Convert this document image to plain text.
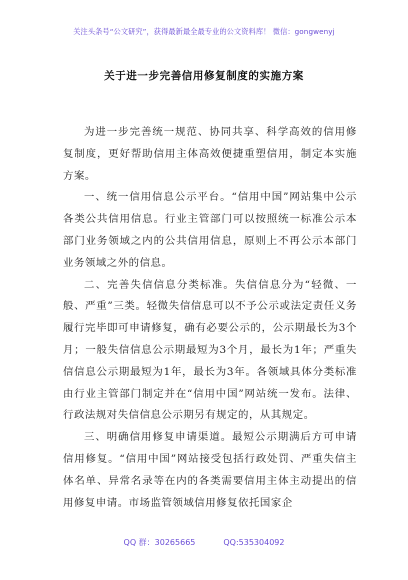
关注头条号“公文研究”，获得最新最全最专业的公文资料库！ 微信：gongwenyj
关于进一步完善信用修复制度的实施方案

为进一步完善统一规范、协同共享、科学高效的信用修复制度，更好帮助信用主体高效便捷重塑信用，制定本实施方案。

一、统一信用信息公示平台。“信用中国”网站集中公示各类公共信用信息。行业主管部门可以按照统一标准公示本部门业务领域之内的公共信用信息，原则上不再公示本部门业务领域之外的信息。

二、完善失信信息分类标准。失信信息分为“轻微、一般、严重”三类。轻微失信信息可以不予公示或法定责任义务履行完毕即可申请修复，确有必要公示的，公示期最长为3个月；一般失信信息公示期最短为3个月，最长为1年；严重失信信息公示期最短为1年，最长为3年。各领域具体分类标准由行业主管部门制定并在“信用中国”网站统一发布。法律、行政法规对失信信息公示期另有规定的，从其规定。

三、明确信用修复申请渠道。最短公示期满后方可申请信用修复。“信用中国”网站接受包括行政处罚、严重失信主体名单、异常名录等在内的各类需要信用主体主动提出的信用修复申请。市场监管领域信用修复依托国家企

QQ 群：30265665	QQ:535304092
